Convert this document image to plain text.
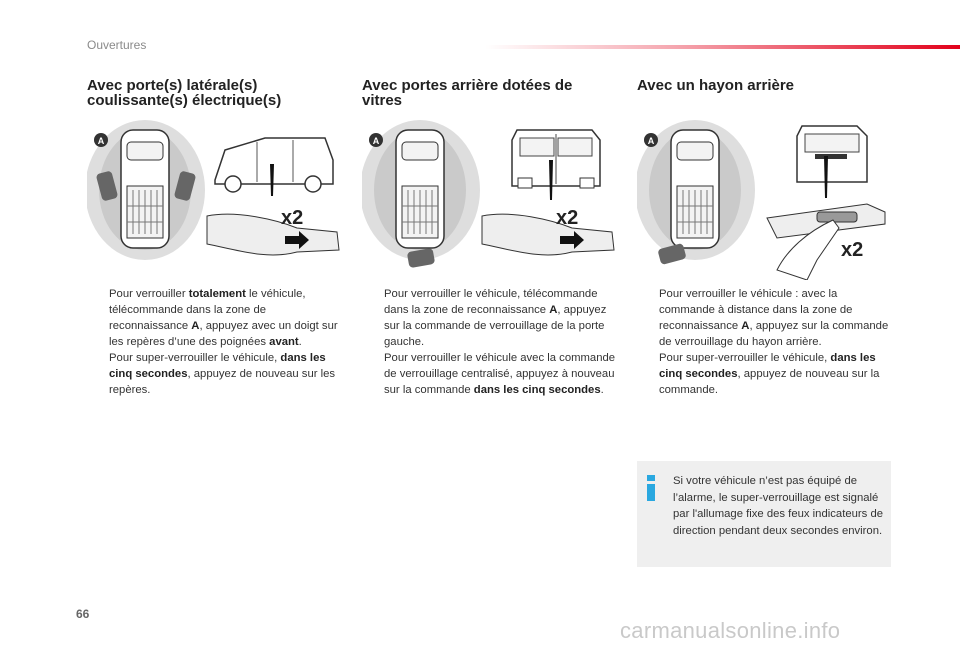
Ouvertures
Avec porte(s) latérale(s)
coulissante(s) électrique(s)
Avec portes arrière dotées de
vitres
Avec un hayon arrière
A
x2
A
x2
A
x2
Pour verrouiller totalement le véhicule, télécommande dans la zone de reconnaissance A, appuyez avec un doigt sur les repères d’une des poignées avant.
Pour super-verrouiller le véhicule, dans les cinq secondes, appuyez de nouveau sur les repères.
Pour verrouiller le véhicule, télécommande dans la zone de reconnaissance A, appuyez sur la commande de verrouillage de la porte gauche.
Pour verrouiller le véhicule avec la commande de verrouillage centralisé, appuyez à nouveau sur la commande dans les cinq secondes.
Pour verrouiller le véhicule : avec la commande à distance dans la zone de reconnaissance A, appuyez sur la commande de verrouillage du hayon arrière.
Pour super-verrouiller le véhicule, dans les cinq secondes, appuyez de nouveau sur la commande.
Si votre véhicule n’est pas équipé de l’alarme, le super-verrouillage est signalé par l'allumage fixe des feux indicateurs de direction pendant deux secondes environ.
66
carmanualsonline.info
